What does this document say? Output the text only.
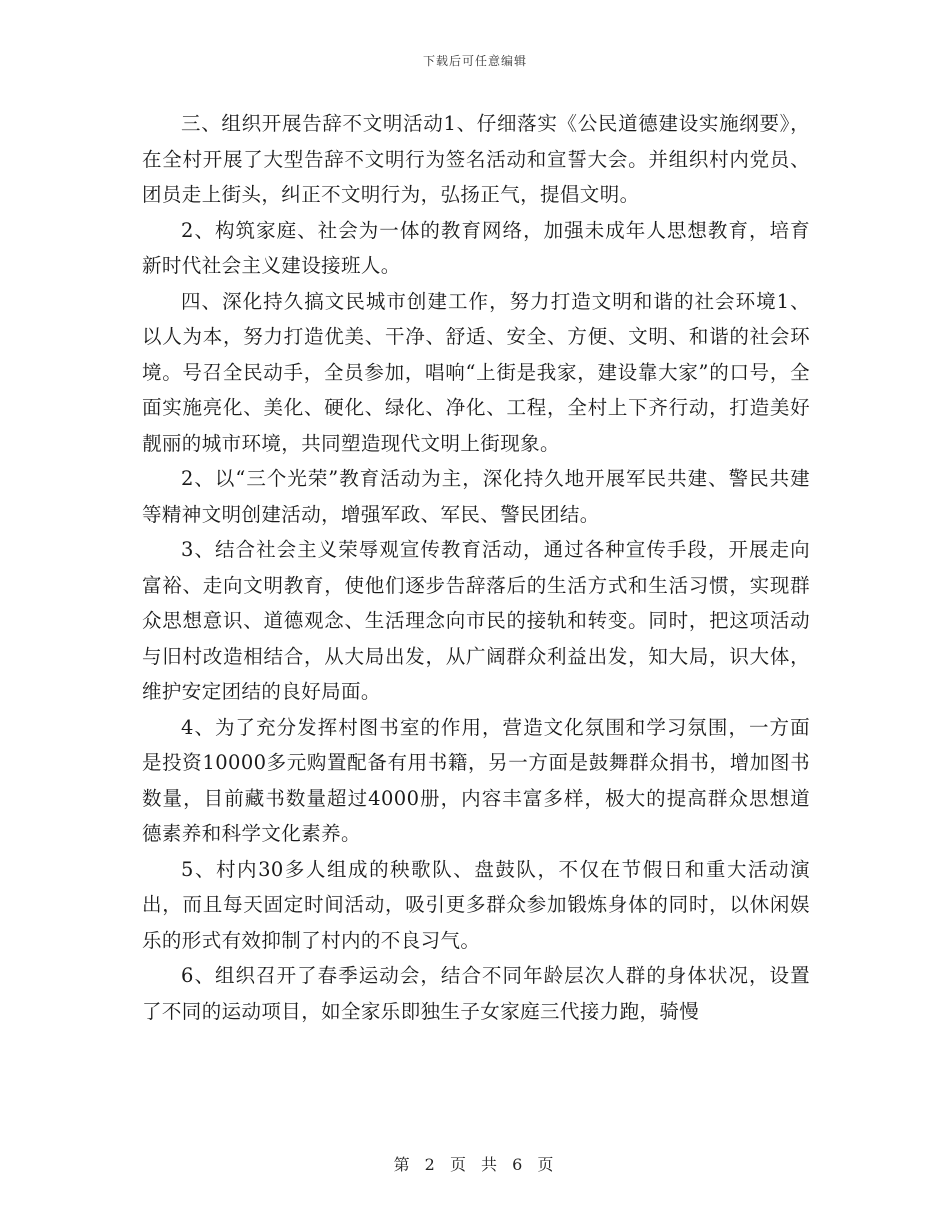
下载后可任意编辑

三、组织开展告辞不文明活动1、仔细落实《公民道德建设实施纲要》，在全村开展了大型告辞不文明行为签名活动和宣誓大会。并组织村内党员、团员走上街头，纠正不文明行为，弘扬正气，提倡文明。

2、构筑家庭、社会为一体的教育网络，加强未成年人思想教育，培育新时代社会主义建设接班人。

四、深化持久搞文民城市创建工作，努力打造文明和谐的社会环境1、以人为本，努力打造优美、干净、舒适、安全、方便、文明、和谐的社会环境。号召全民动手，全员参加，唱响“上街是我家，建设靠大家”的口号，全面实施亮化、美化、硬化、绿化、净化、工程，全村上下齐行动，打造美好靓丽的城市环境，共同塑造现代文明上街现象。

2、以“三个光荣”教育活动为主，深化持久地开展军民共建、警民共建等精神文明创建活动，增强军政、军民、警民团结。

3、结合社会主义荣辱观宣传教育活动，通过各种宣传手段，开展走向富裕、走向文明教育，使他们逐步告辞落后的生活方式和生活习惯，实现群众思想意识、道德观念、生活理念向市民的接轨和转变。同时，把这项活动与旧村改造相结合，从大局出发，从广阔群众利益出发，知大局，识大体，维护安定团结的良好局面。

4、为了充分发挥村图书室的作用，营造文化氛围和学习氛围，一方面是投资10000多元购置配备有用书籍，另一方面是鼓舞群众捐书，增加图书数量，目前藏书数量超过4000册，内容丰富多样，极大的提高群众思想道德素养和科学文化素养。

5、村内30多人组成的秧歌队、盘鼓队，不仅在节假日和重大活动演出，而且每天固定时间活动，吸引更多群众参加锻炼身体的同时，以休闲娱乐的形式有效抑制了村内的不良习气。

6、组织召开了春季运动会，结合不同年龄层次人群的身体状况，设置了不同的运动项目，如全家乐即独生子女家庭三代接力跑，骑慢

第 2 页 共 6 页
